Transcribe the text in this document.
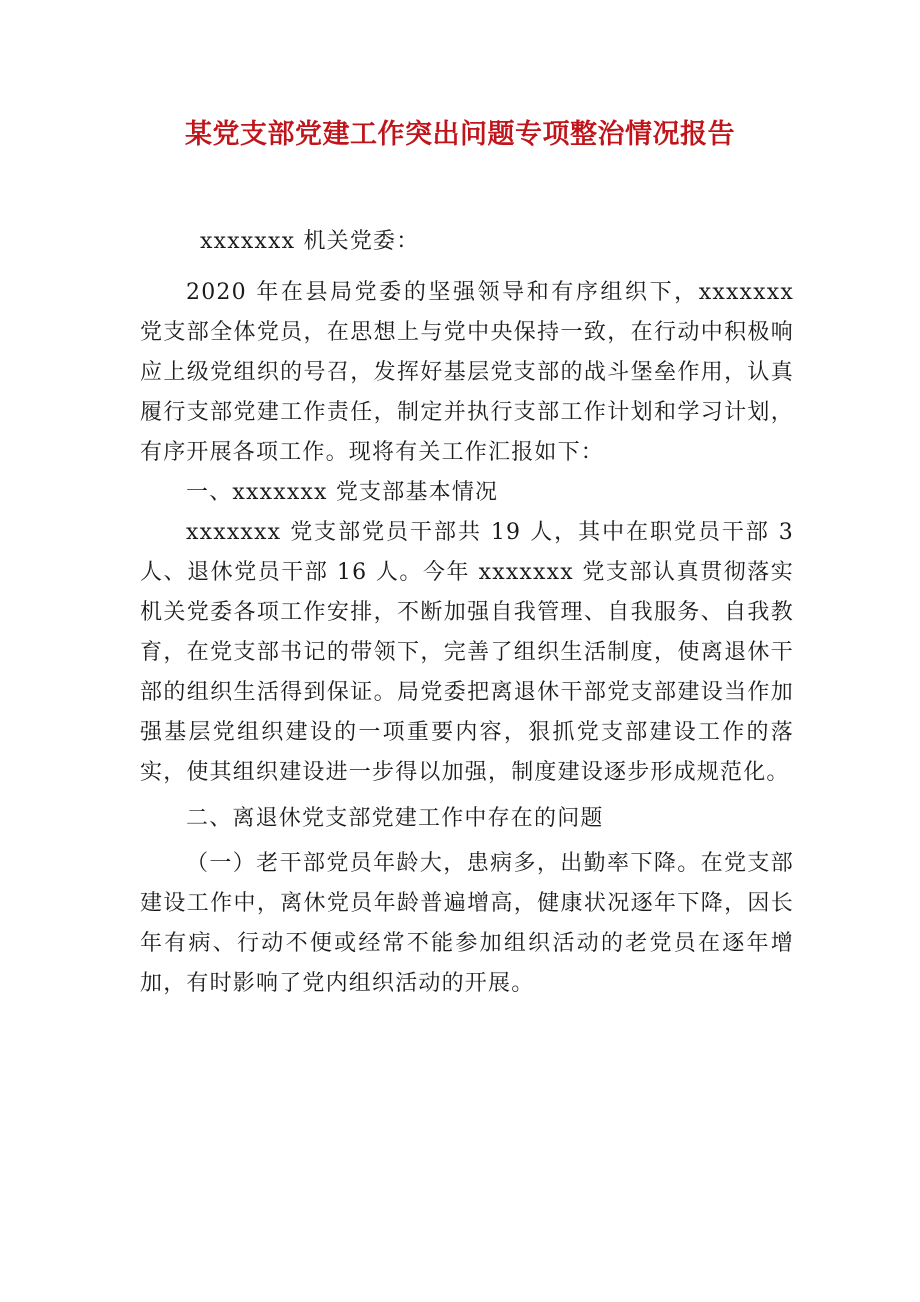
某党支部党建工作突出问题专项整治情况报告

xxxxxxx 机关党委：

2020 年在县局党委的坚强领导和有序组织下，xxxxxxx 党支部全体党员，在思想上与党中央保持一致，在行动中积极响应上级党组织的号召，发挥好基层党支部的战斗堡垒作用，认真履行支部党建工作责任，制定并执行支部工作计划和学习计划，有序开展各项工作。现将有关工作汇报如下：

一、xxxxxxx 党支部基本情况

xxxxxxx 党支部党员干部共 19 人，其中在职党员干部 3 人、退休党员干部 16 人。今年 xxxxxxx 党支部认真贯彻落实机关党委各项工作安排，不断加强自我管理、自我服务、自我教育，在党支部书记的带领下，完善了组织生活制度，使离退休干部的组织生活得到保证。局党委把离退休干部党支部建设当作加强基层党组织建设的一项重要内容，狠抓党支部建设工作的落实，使其组织建设进一步得以加强，制度建设逐步形成规范化。

二、离退休党支部党建工作中存在的问题

（一）老干部党员年龄大，患病多，出勤率下降。在党支部建设工作中，离休党员年龄普遍增高，健康状况逐年下降，因长年有病、行动不便或经常不能参加组织活动的老党员在逐年增加，有时影响了党内组织活动的开展。
